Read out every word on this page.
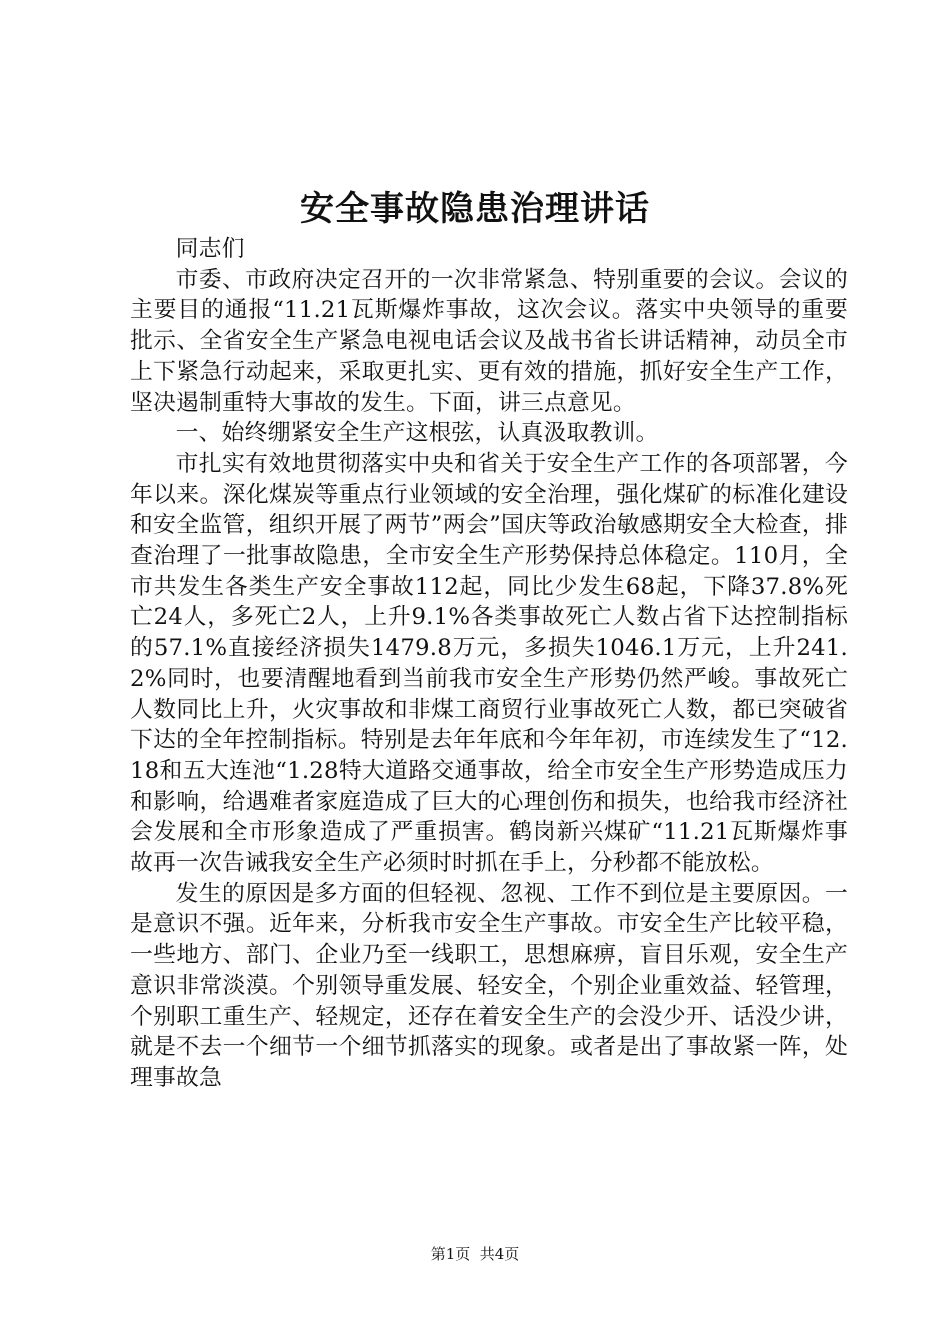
安全事故隐患治理讲话

同志们

市委、市政府决定召开的一次非常紧急、特别重要的会议。会议的主要目的通报“11.21瓦斯爆炸事故，这次会议。落实中央领导的重要批示、全省安全生产紧急电视电话会议及战书省长讲话精神，动员全市上下紧急行动起来，采取更扎实、更有效的措施，抓好安全生产工作，坚决遏制重特大事故的发生。下面，讲三点意见。

一、始终绷紧安全生产这根弦，认真汲取教训。

市扎实有效地贯彻落实中央和省关于安全生产工作的各项部署，今年以来。深化煤炭等重点行业领域的安全治理，强化煤矿的标准化建设和安全监管，组织开展了两节”两会”国庆等政治敏感期安全大检查，排查治理了一批事故隐患，全市安全生产形势保持总体稳定。110月，全市共发生各类生产安全事故112起，同比少发生68起，下降37.8%死亡24人，多死亡2人，上升9.1%各类事故死亡人数占省下达控制指标的57.1%直接经济损失1479.8万元，多损失1046.1万元，上升241.2%同时，也要清醒地看到当前我市安全生产形势仍然严峻。事故死亡人数同比上升，火灾事故和非煤工商贸行业事故死亡人数，都已突破省下达的全年控制指标。特别是去年年底和今年年初，市连续发生了“12.18和五大连池“1.28特大道路交通事故，给全市安全生产形势造成压力和影响，给遇难者家庭造成了巨大的心理创伤和损失，也给我市经济社会发展和全市形象造成了严重损害。鹤岗新兴煤矿“11.21瓦斯爆炸事故再一次告诫我安全生产必须时时抓在手上，分秒都不能放松。

发生的原因是多方面的但轻视、忽视、工作不到位是主要原因。一是意识不强。近年来，分析我市安全生产事故。市安全生产比较平稳，一些地方、部门、企业乃至一线职工，思想麻痹，盲目乐观，安全生产意识非常淡漠。个别领导重发展、轻安全，个别企业重效益、轻管理，个别职工重生产、轻规定，还存在着安全生产的会没少开、话没少讲，就是不去一个细节一个细节抓落实的现象。或者是出了事故紧一阵，处理事故急

第1页  共4页
